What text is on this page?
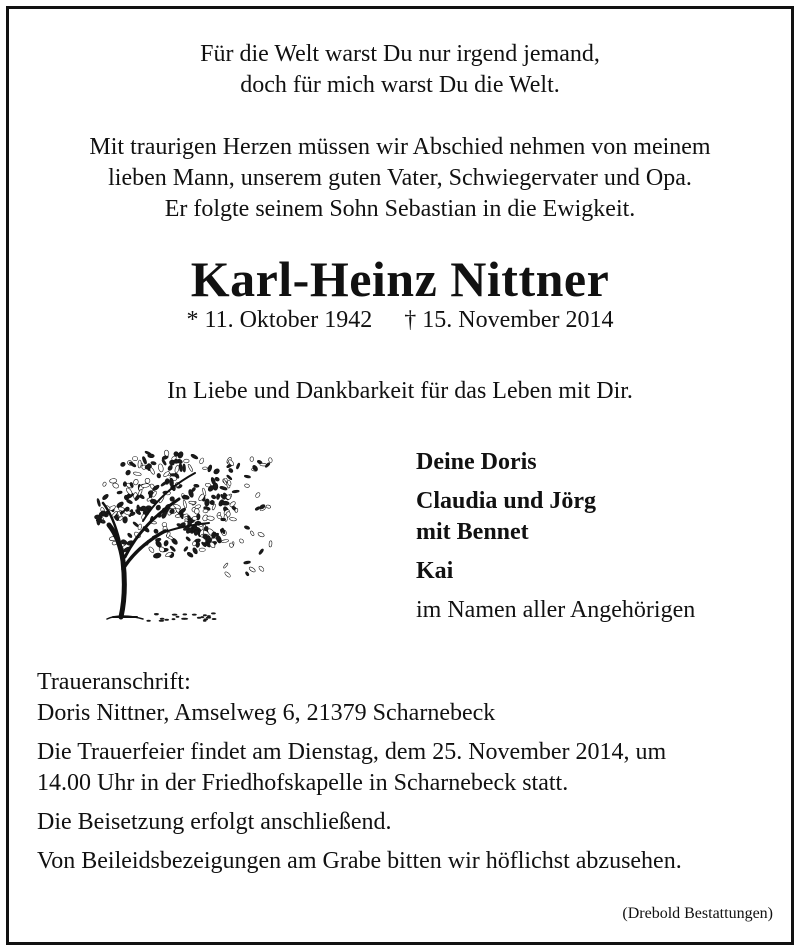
Für die Welt warst Du nur irgend jemand,
doch für mich warst Du die Welt.
Mit traurigen Herzen müssen wir Abschied nehmen von meinem
lieben Mann, unserem guten Vater, Schwiegervater und Opa.
Er folgte seinem Sohn Sebastian in die Ewigkeit.
Karl-Heinz Nittner
* 11. Oktober 1942 † 15. November 2014
In Liebe und Dankbarkeit für das Leben mit Dir.
Deine Doris
Claudia und Jörg
mit Bennet
Kai
im Namen aller Angehörigen
Traueranschrift:
Doris Nittner, Amselweg 6, 21379 Scharnebeck
Die Trauerfeier findet am Dienstag, dem 25. November 2014, um
14.00 Uhr in der Friedhofskapelle in Scharnebeck statt.
Die Beisetzung erfolgt anschließend.
Von Beileidsbezeigungen am Grabe bitten wir höflichst abzusehen.
(Drebold Bestattungen)
